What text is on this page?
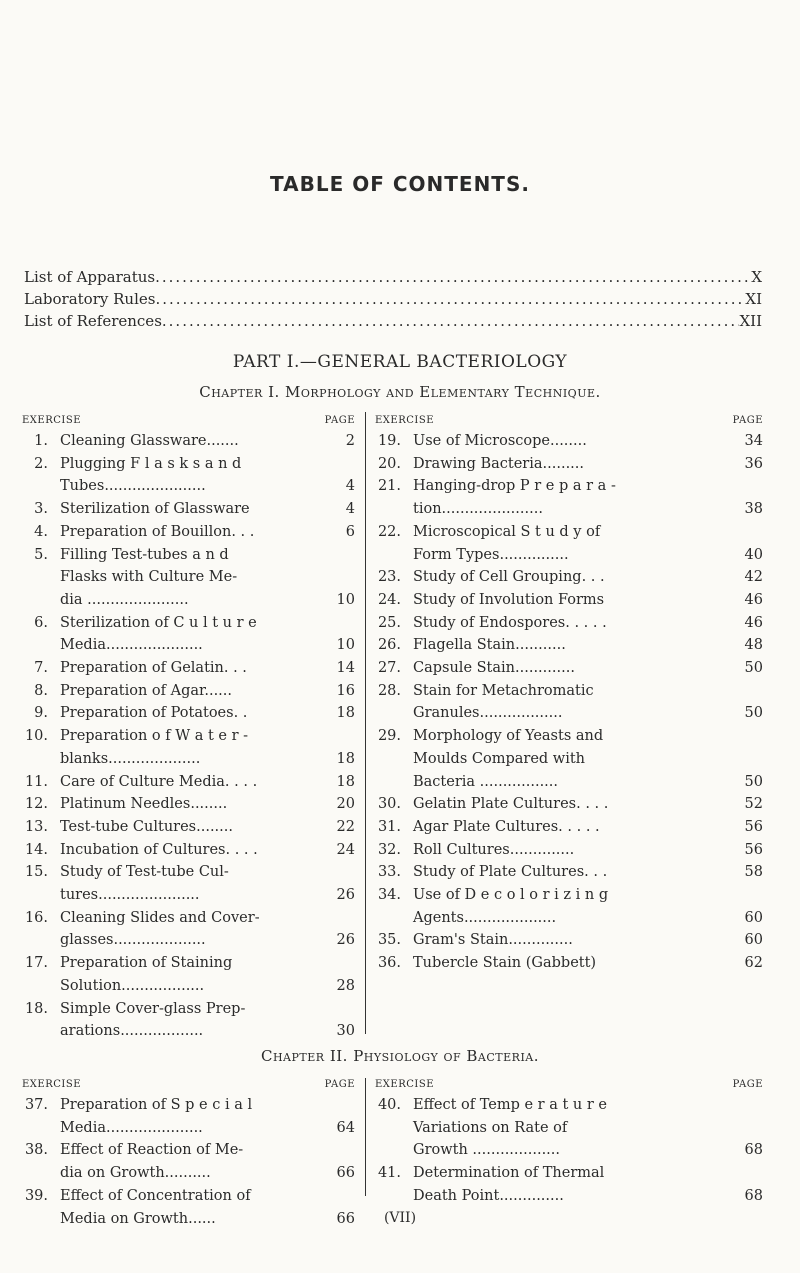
TABLE OF CONTENTS.
List of Apparatus .....	X
Laboratory Rules .....	XI
List of References .....	XII
PART I.—GENERAL BACTERIOLOGY
Chapter I. Morphology and Elementary Technique.
EXERCISE	PAGE
1. Cleaning Glassware.......	2
2. Plugging F l a s k s a n d
Tubes......................	4
3. Sterilization of Glassware	4
4. Preparation of Bouillon. . .	6
5. Filling Test-tubes a n d
Flasks with Culture Me-
dia ......................	10
6. Sterilization of C u l t u r e
Media.....................	10
7. Preparation of Gelatin. . .	14
8. Preparation of Agar......	16
9. Preparation of Potatoes. .	18
10. Preparation o f W a t e r -
blanks....................	18
11. Care of Culture Media. . . .	18
12. Platinum Needles........	20
13. Test-tube Cultures........	22
14. Incubation of Cultures. . . .	24
15. Study of Test-tube Cul-
tures......................	26
16. Cleaning Slides and Cover-
glasses....................	26
17. Preparation of Staining
Solution..................	28
18. Simple Cover-glass Prep-
arations..................	30
EXERCISE	PAGE
19. Use of Microscope........	34
20. Drawing Bacteria.........	36
21. Hanging-drop P r e p a r a -
tion......................	38
22. Microscopical S t u d y of
Form Types...............	40
23. Study of Cell Grouping. . .	42
24. Study of Involution Forms	46
25. Study of Endospores. . . . .	46
26. Flagella Stain...........	48
27. Capsule Stain.............	50
28. Stain for Metachromatic
Granules..................	50
29. Morphology of Yeasts and
Moulds Compared with
Bacteria .................	50
30. Gelatin Plate Cultures. . . .	52
31. Agar Plate Cultures. . . . .	56
32. Roll Cultures..............	56
33. Study of Plate Cultures. . .	58
34. Use of D e c o l o r i z i n g
Agents....................	60
35. Gram's Stain..............	60
36. Tubercle Stain (Gabbett)	62
Chapter II. Physiology of Bacteria.
EXERCISE	PAGE
37. Preparation of S p e c i a l
Media.....................	64
38. Effect of Reaction of Me-
dia on Growth..........	66
39. Effect of Concentration of
Media on Growth......	66
EXERCISE	PAGE
40. Effect of Temp e r a t u r e
Variations on Rate of
Growth ...................	68
41. Determination of Thermal
Death Point..............	68
(VII)
